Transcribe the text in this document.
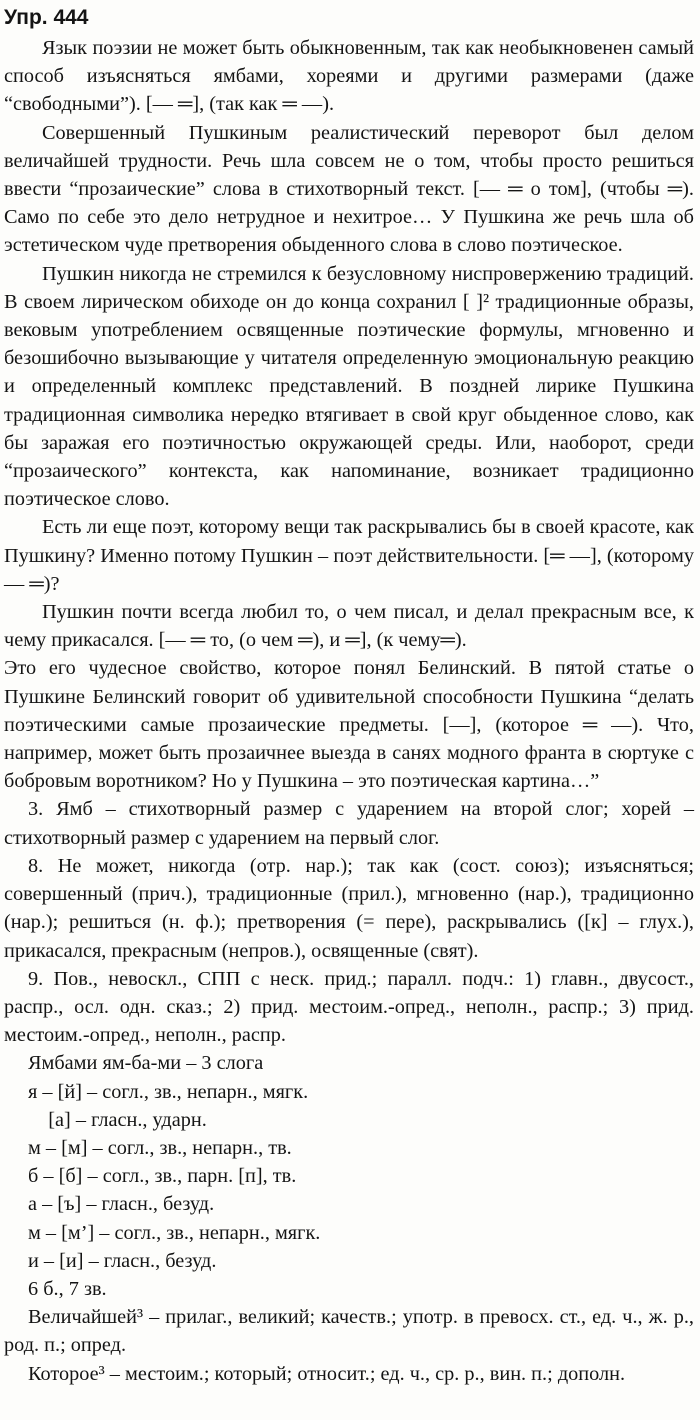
Упр. 444

Язык поэзии не может быть обыкновенным, так как необыкновенен самый способ изъясняться ямбами, хореями и другими размерами (даже “свободными”). [— ═], (так как ═ —).

Совершенный Пушкиным реалистический переворот был делом величайшей трудности. Речь шла совсем не о том, чтобы просто решиться ввести “прозаические” слова в стихотворный текст. [— ═ о том], (чтобы ═). Само по себе это дело нетрудное и нехитрое… У Пушкина же речь шла об эстетическом чуде претворения обыденного слова в слово поэтическое.

Пушкин никогда не стремился к безусловному ниспровержению традиций. В своем лирическом обиходе он до конца сохранил [ ]² традиционные образы, вековым употреблением освященные поэтические формулы, мгновенно и безошибочно вызывающие у читателя определенную эмоциональную реакцию и определенный комплекс представлений. В поздней лирике Пушкина традиционная символика нередко втягивает в свой круг обыденное слово, как бы заражая его поэтичностью окружающей среды. Или, наоборот, среди “прозаического” контекста, как напоминание, возникает традиционно поэтическое слово.

Есть ли еще поэт, которому вещи так раскрывались бы в своей красоте, как Пушкину? Именно потому Пушкин – поэт действительности. [═ —], (которому — ═)?

Пушкин почти всегда любил то, о чем писал, и делал прекрасным все, к чему прикасался. [— ═ то, (о чем ═), и ═], (к чему═).

Это его чудесное свойство, которое понял Белинский. В пятой статье о Пушкине Белинский говорит об удивительной способности Пушкина “делать поэтическими самые прозаические предметы. [—], (которое ═ —). Что, например, может быть прозаичнее выезда в санях модного франта в сюртуке с бобровым воротником? Но у Пушкина – это поэтическая картина…”

3. Ямб – стихотворный размер с ударением на второй слог; хорей – стихотворный размер с ударением на первый слог.

8. Не может, никогда (отр. нар.); так как (сост. союз); изъясняться; совершенный (прич.), традиционные (прил.), мгновенно (нар.), традиционно (нар.); решиться (н. ф.); претворения (= пере), раскрывались ([к] – глух.), прикасался, прекрасным (непров.), освященные (свят).

9. Пов., невоскл., СПП с неск. прид.; паралл. подч.: 1) главн., двусост., распр., осл. одн. сказ.; 2) прид. местоим.-опред., неполн., распр.; 3) прид. местоим.-опред., неполн., распр.

Ямбами ям-ба-ми – 3 слога
я – [й] – согл., зв., непарн., мягк.
[а] – гласн., ударн.
м – [м] – согл., зв., непарн., тв.
б – [б] – согл., зв., парн. [п], тв.
а – [ъ] – гласн., безуд.
м – [м’] – согл., зв., непарн., мягк.
и – [и] – гласн., безуд.
6 б., 7 зв.

Величайшей³ – прилаг., великий; качеств.; употр. в превосх. ст., ед. ч., ж. р., род. п.; опред.

Которое³ – местоим.; который; относит.; ед. ч., ср. р., вин. п.; дополн.
